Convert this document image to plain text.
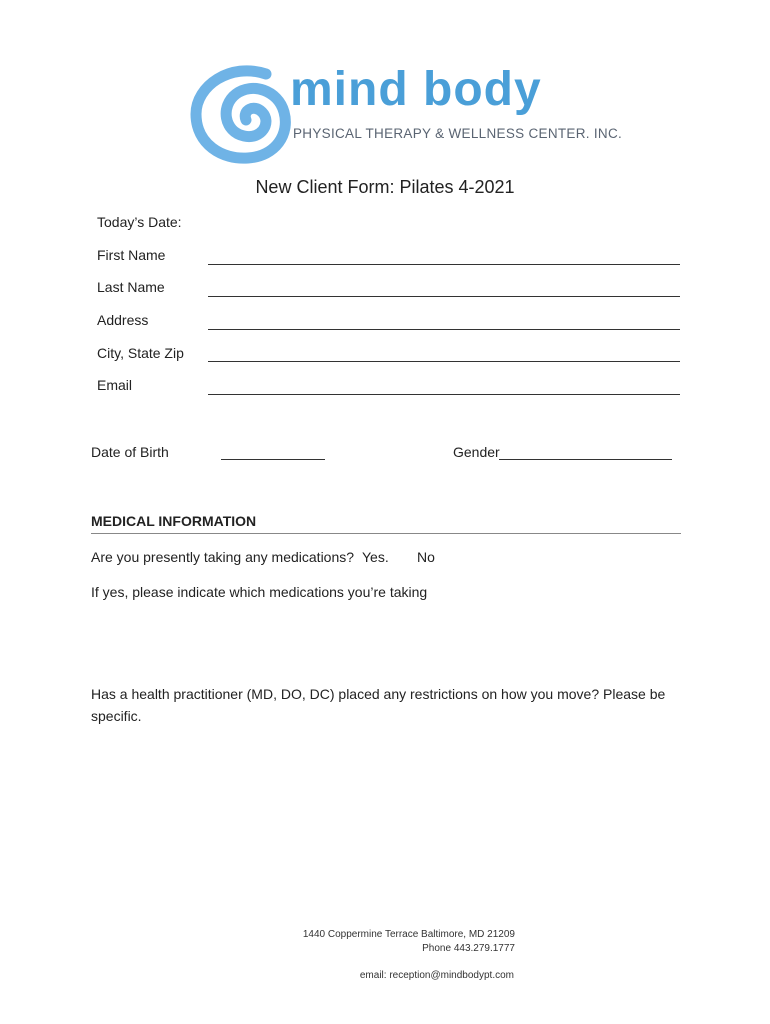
mind body
PHYSICAL THERAPY & WELLNESS CENTER. INC.
New Client Form: Pilates 4-2021
Today’s Date:
First Name
Last Name
Address
City, State Zip
Email
Date of Birth	Gender
MEDICAL INFORMATION
Are you presently taking any medications? Yes. No
If yes, please indicate which medications you’re taking
Has a health practitioner (MD, DO, DC) placed any restrictions on how you move? Please be specific.
1440 Coppermine Terrace Baltimore, MD 21209
Phone 443.279.1777
email: reception@mindbodypt.com
